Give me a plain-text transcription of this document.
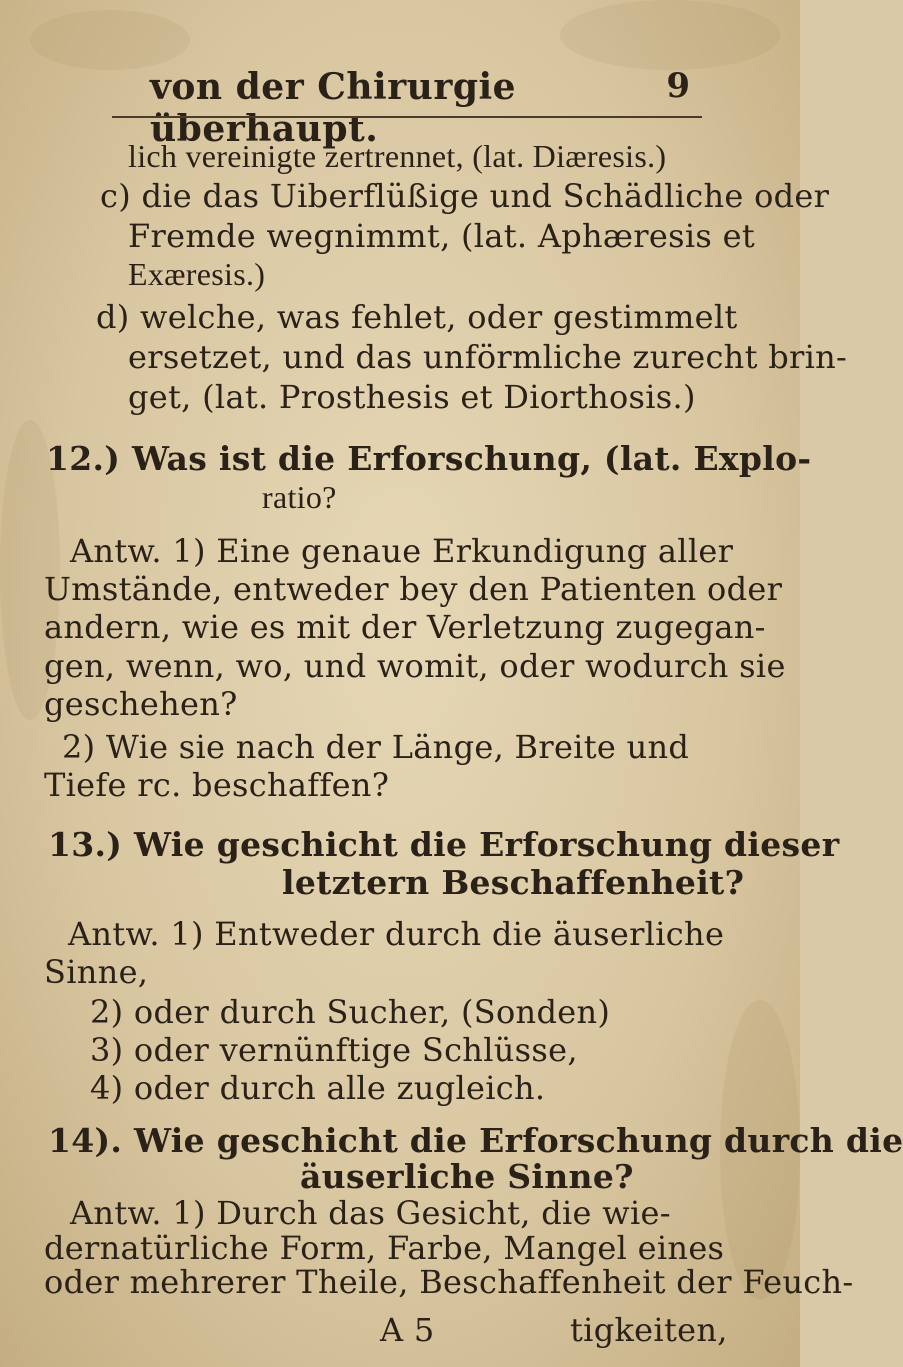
von der Chirurgie überhaupt.
9
lich vereinigte zertrennet, (lat. Diæresis.)
c) die das Uiberflüßige und Schädliche oder
Fremde wegnimmt, (lat. Aphæresis et
Exæresis.)
d) welche, was fehlet, oder gestimmelt
ersetzet, und das unförmliche zurecht brin-
get, (lat. Prosthesis et Diorthosis.)
12.) Was ist die Erforschung, (lat. Explo-
ratio?
Antw. 1) Eine genaue Erkundigung aller
Umstände, entweder bey den Patienten oder
andern, wie es mit der Verletzung zugegan-
gen, wenn, wo, und womit, oder wodurch sie
geschehen?
2) Wie sie nach der Länge, Breite und
Tiefe rc. beschaffen?
13.) Wie geschicht die Erforschung dieser
letztern Beschaffenheit?
Antw. 1) Entweder durch die äuserliche
Sinne,
2) oder durch Sucher, (Sonden)
3) oder vernünftige Schlüsse,
4) oder durch alle zugleich.
14). Wie geschicht die Erforschung durch die
äuserliche Sinne?
Antw. 1) Durch das Gesicht, die wie-
dernatürliche Form, Farbe, Mangel eines
oder mehrerer Theile, Beschaffenheit der Feuch-
A 5	tigkeiten,
